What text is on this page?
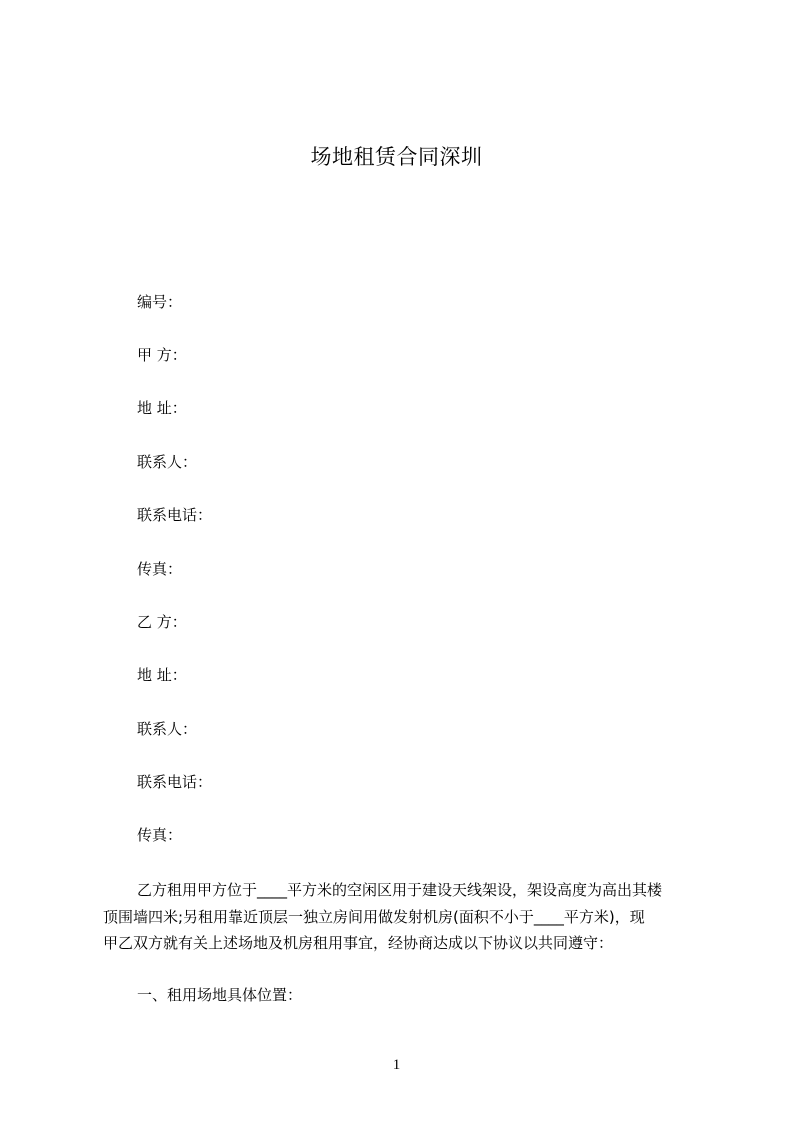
场地租赁合同深圳
编号：
甲 方：
地 址：
联系人：
联系电话：
传真：
乙 方：
地 址：
联系人：
联系电话：
传真：
乙方租用甲方位于____平方米的空闲区用于建设天线架设，架设高度为高出其楼
顶围墙四米;另租用靠近顶层一独立房间用做发射机房(面积不小于____平方米)，现
甲乙双方就有关上述场地及机房租用事宜，经协商达成以下协议以共同遵守：
一、租用场地具体位置：
1
